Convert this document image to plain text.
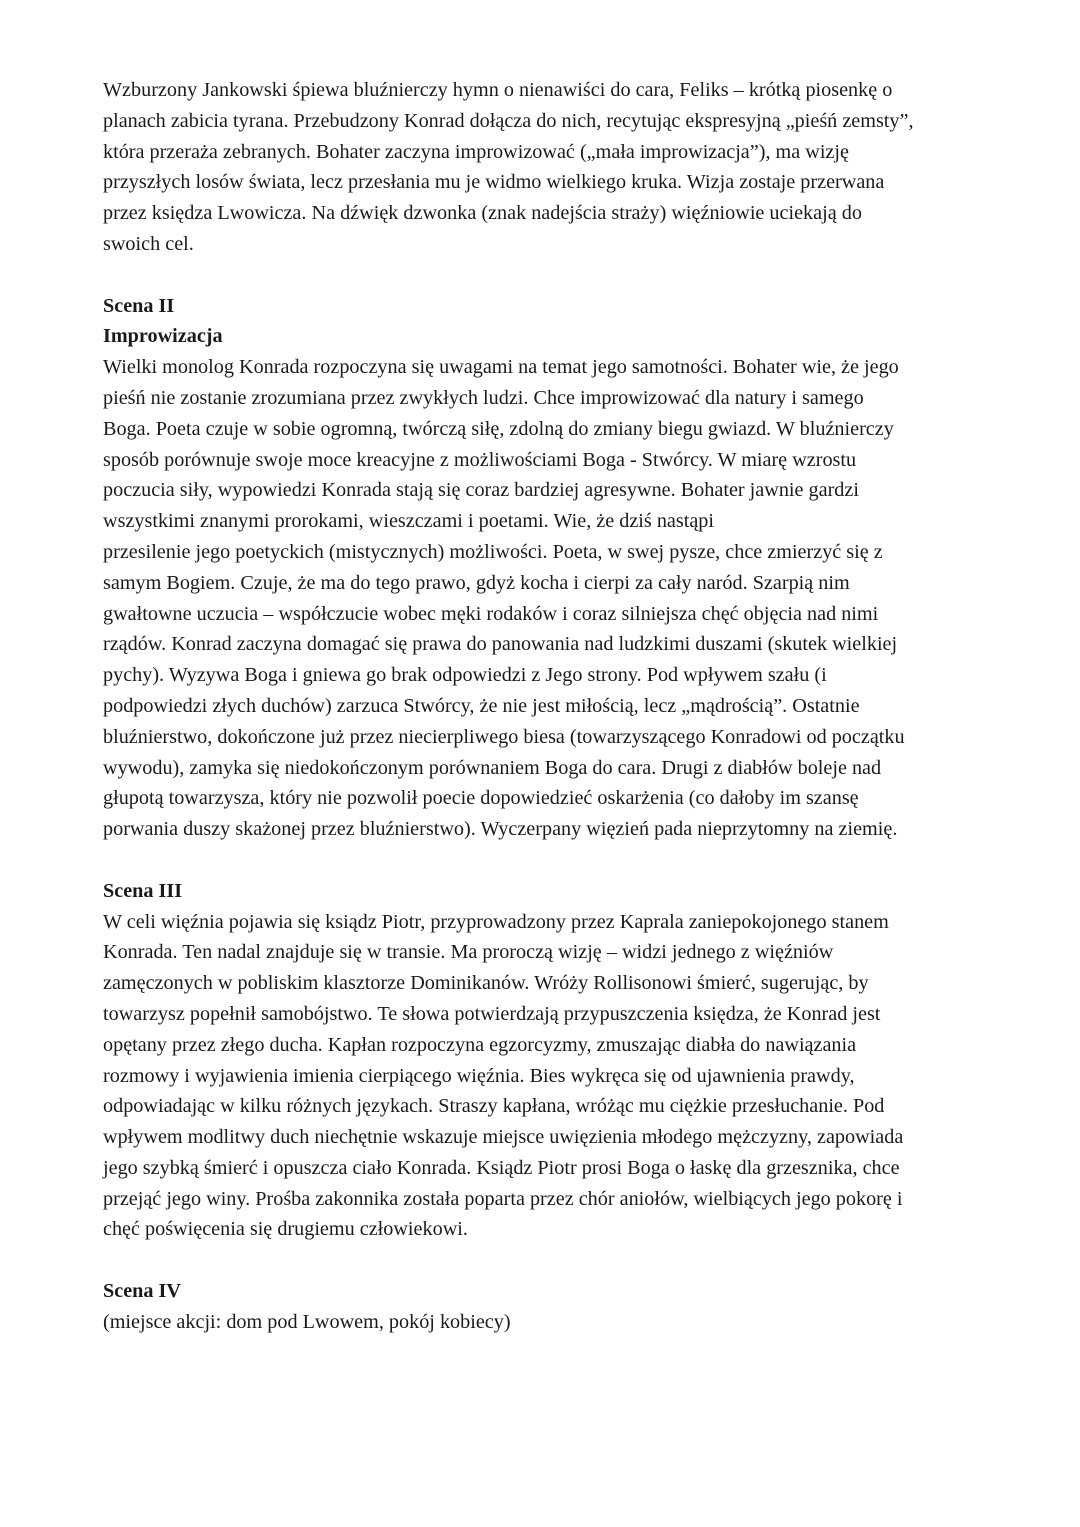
Wzburzony Jankowski śpiewa bluźnierczy hymn o nienawiści do cara, Feliks – krótką piosenkę o
planach zabicia tyrana. Przebudzony Konrad dołącza do nich, recytując ekspresyjną „pieśń zemsty”,
która przeraża zebranych. Bohater zaczyna improwizować („mała improwizacja”), ma wizję
przyszłych losów świata, lecz przesłania mu je widmo wielkiego kruka. Wizja zostaje przerwana
przez księdza Lwowicza. Na dźwięk dzwonka (znak nadejścia straży) więźniowie uciekają do
swoich cel.
Scena II
Improwizacja
Wielki monolog Konrada rozpoczyna się uwagami na temat jego samotności. Bohater wie, że jego
pieśń nie zostanie zrozumiana przez zwykłych ludzi. Chce improwizować dla natury i samego
Boga. Poeta czuje w sobie ogromną, twórczą siłę, zdolną do zmiany biegu gwiazd. W bluźnierczy
sposób porównuje swoje moce kreacyjne z możliwościami Boga - Stwórcy. W miarę wzrostu
poczucia siły, wypowiedzi Konrada stają się coraz bardziej agresywne. Bohater jawnie gardzi
wszystkimi znanymi prorokami, wieszczami i poetami. Wie, że dziś nastąpi
przesilenie jego poetyckich (mistycznych) możliwości. Poeta, w swej pysze, chce zmierzyć się z
samym Bogiem. Czuje, że ma do tego prawo, gdyż kocha i cierpi za cały naród. Szarpią nim
gwałtowne uczucia – współczucie wobec męki rodaków i coraz silniejsza chęć objęcia nad nimi
rządów. Konrad zaczyna domagać się prawa do panowania nad ludzkimi duszami (skutek wielkiej
pychy). Wyzywa Boga i gniewa go brak odpowiedzi z Jego strony. Pod wpływem szału (i
podpowiedzi złych duchów) zarzuca Stwórcy, że nie jest miłością, lecz „mądrością”. Ostatnie
bluźnierstwo, dokończone już przez niecierpliwego biesa (towarzyszącego Konradowi od początku
wywodu), zamyka się niedokończonym porównaniem Boga do cara. Drugi z diabłów boleje nad
głupotą towarzysza, który nie pozwolił poecie dopowiedzieć oskarżenia (co dałoby im szansę
porwania duszy skażonej przez bluźnierstwo). Wyczerpany więzień pada nieprzytomny na ziemię.
Scena III
W celi więźnia pojawia się ksiądz Piotr, przyprowadzony przez Kaprala zaniepokojonego stanem
Konrada. Ten nadal znajduje się w transie. Ma proroczą wizję – widzi jednego z więźniów
zamęczonych w pobliskim klasztorze Dominikanów. Wróży Rollisonowi śmierć, sugerując, by
towarzysz popełnił samobójstwo. Te słowa potwierdzają przypuszczenia księdza, że Konrad jest
opętany przez złego ducha. Kapłan rozpoczyna egzorcyzmy, zmuszając diabła do nawiązania
rozmowy i wyjawienia imienia cierpiącego więźnia. Bies wykręca się od ujawnienia prawdy,
odpowiadając w kilku różnych językach. Straszy kapłana, wróżąc mu ciężkie przesłuchanie. Pod
wpływem modlitwy duch niechętnie wskazuje miejsce uwięzienia młodego mężczyzny, zapowiada
jego szybką śmierć i opuszcza ciało Konrada. Ksiądz Piotr prosi Boga o łaskę dla grzesznika, chce
przejąć jego winy. Prośba zakonnika została poparta przez chór aniołów, wielbiących jego pokorę i
chęć poświęcenia się drugiemu człowiekowi.
Scena IV
(miejsce akcji: dom pod Lwowem, pokój kobiecy)
